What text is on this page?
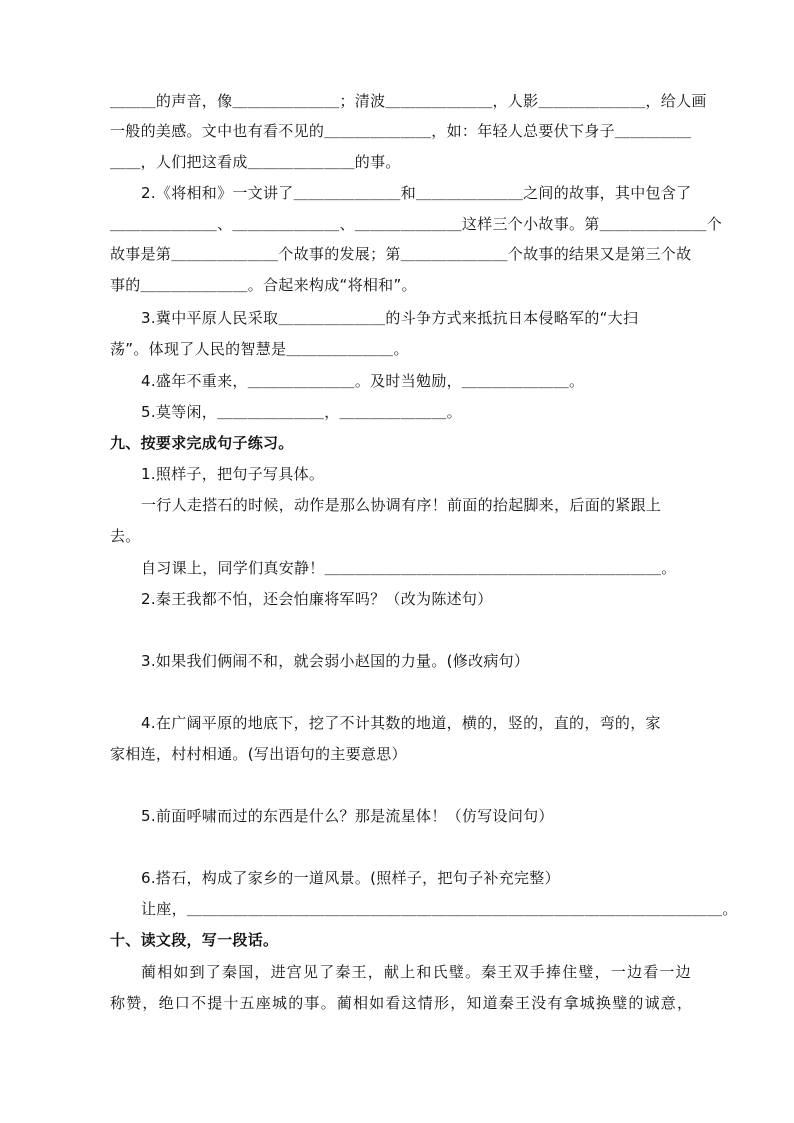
＿＿＿的声音，像＿＿＿＿＿＿＿；清波＿＿＿＿＿＿＿，人影＿＿＿＿＿＿＿，给人画
一般的美感。文中也有看不见的＿＿＿＿＿＿＿，如：年轻人总要伏下身子＿＿＿＿＿
＿＿，人们把这看成＿＿＿＿＿＿＿的事。
2.《将相和》一文讲了＿＿＿＿＿＿＿和＿＿＿＿＿＿＿之间的故事，其中包含了
＿＿＿＿＿＿＿、＿＿＿＿＿＿＿、＿＿＿＿＿＿＿这样三个小故事。第＿＿＿＿＿＿＿个
故事是第＿＿＿＿＿＿＿个故事的发展；第＿＿＿＿＿＿＿个故事的结果又是第三个故
事的＿＿＿＿＿＿＿。合起来构成“将相和”。
3.冀中平原人民采取＿＿＿＿＿＿＿的斗争方式来抵抗日本侵略军的“大扫
荡”。体现了人民的智慧是＿＿＿＿＿＿＿。
4.盛年不重来，＿＿＿＿＿＿＿。及时当勉励，＿＿＿＿＿＿＿。
5.莫等闲，＿＿＿＿＿＿＿，＿＿＿＿＿＿＿。
九、按要求完成句子练习。
1.照样子，把句子写具体。
一行人走搭石的时候，动作是那么协调有序！前面的抬起脚来，后面的紧跟上
去。
自习课上，同学们真安静！＿＿＿＿＿＿＿＿＿＿＿＿＿＿＿＿＿＿＿＿＿＿。
2.秦王我都不怕，还会怕廉将军吗？（改为陈述句）
3.如果我们俩闹不和，就会弱小赵国的力量。(修改病句）
4.在广阔平原的地底下，挖了不计其数的地道，横的，竖的，直的，弯的，家
家相连，村村相通。(写出语句的主要意思）
5.前面呼啸而过的东西是什么？那是流星体！（仿写设问句）
6.搭石，构成了家乡的一道风景。(照样子，把句子补充完整）
让座，＿＿＿＿＿＿＿＿＿＿＿＿＿＿＿＿＿＿＿＿＿＿＿＿＿＿＿＿＿＿＿＿＿＿＿。
十、读文段，写一段话。
蔺相如到了秦国，进宫见了秦王，献上和氏璧。秦王双手捧住璧，一边看一边
称赞，绝口不提十五座城的事。蔺相如看这情形，知道秦王没有拿城换璧的诚意，
